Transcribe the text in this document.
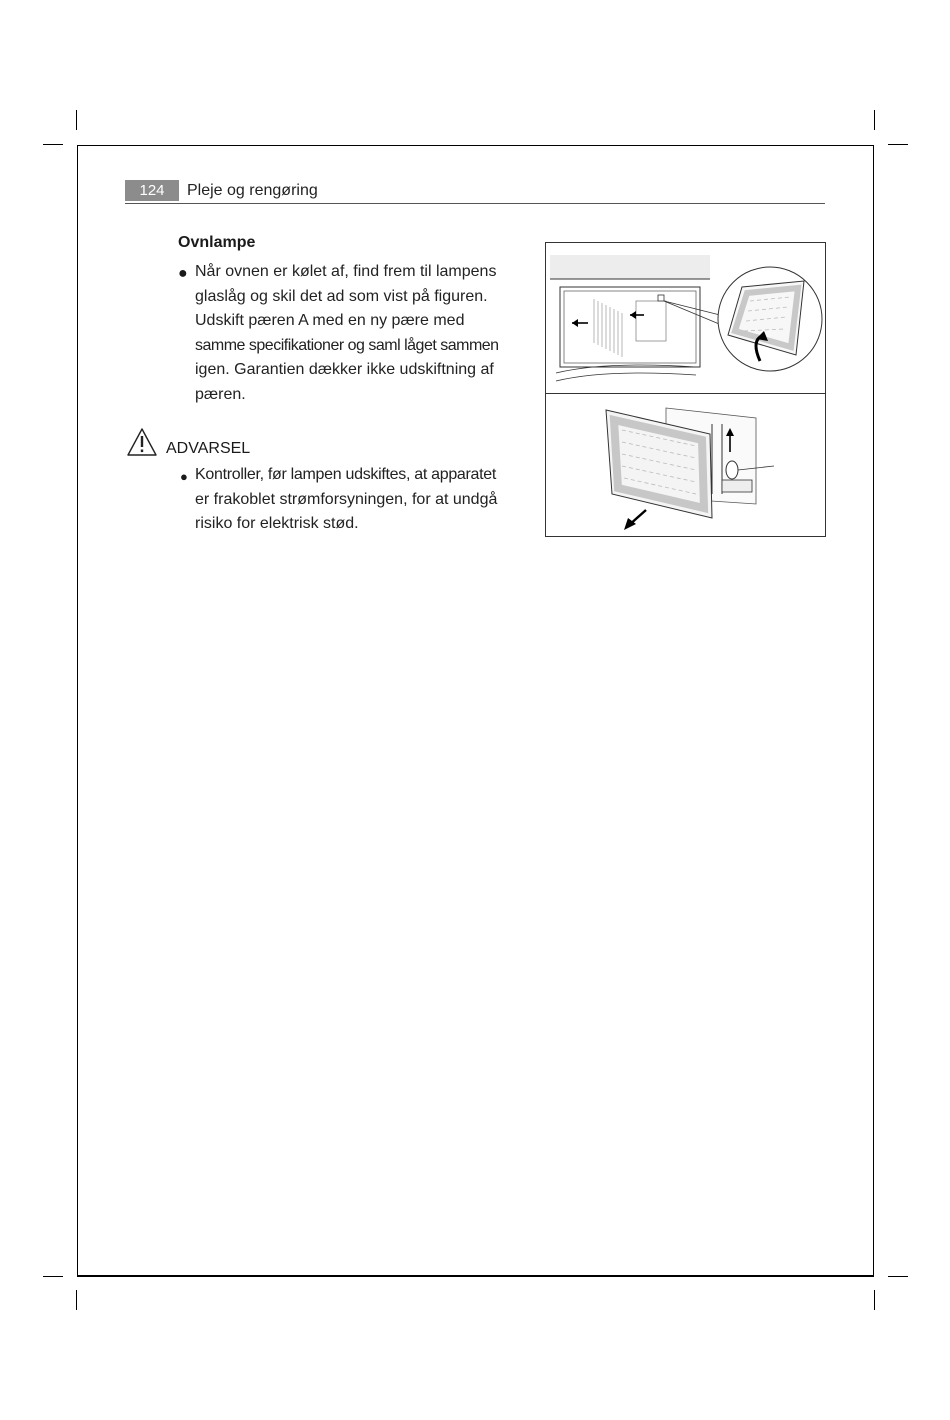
124	Pleje og rengøring
Ovnlampe
● Når ovnen er kølet af, find frem til lampens
glaslåg og skil det ad som vist på figuren.
Udskift pæren A med en ny pære med
samme specifikationer og saml låget sammen
igen. Garantien dækker ikke udskiftning af
pæren.
ADVARSEL
● Kontroller, før lampen udskiftes, at apparatet
er frakoblet strømforsyningen, for at undgå
risiko for elektrisk stød.
